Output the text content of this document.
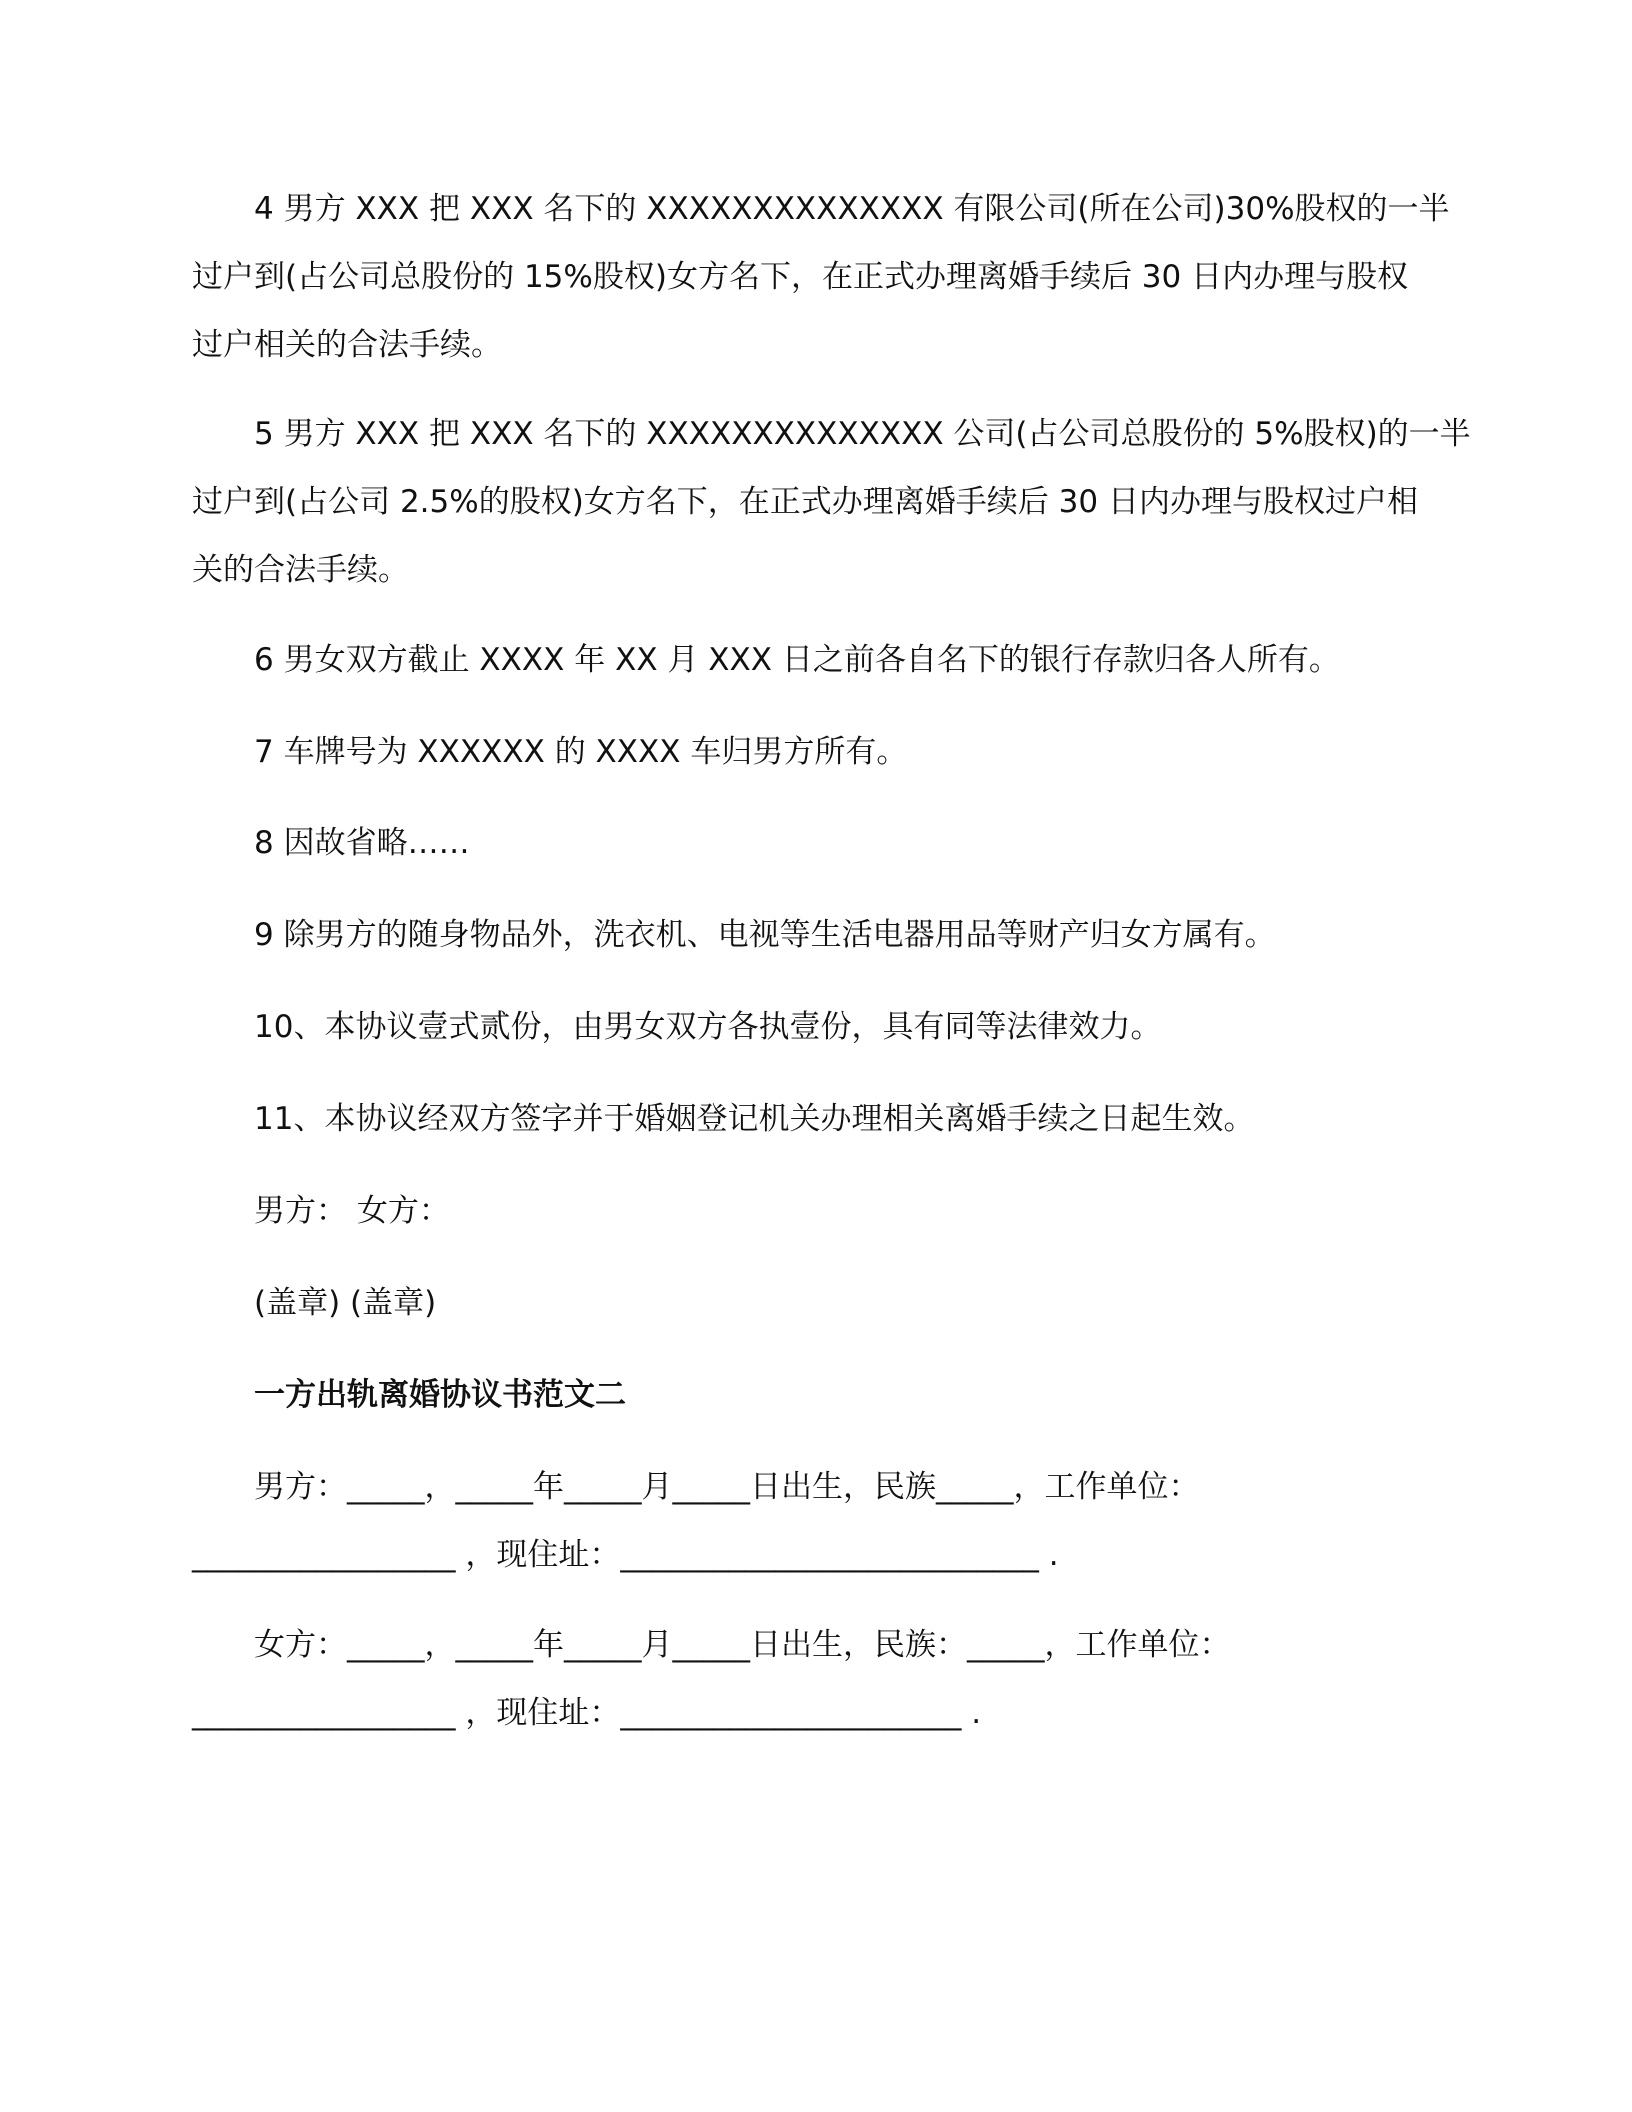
4 男方 XXX 把 XXX 名下的 XXXXXXXXXXXXXX 有限公司(所在公司)30%股权的一半
过户到(占公司总股份的 15%股权)女方名下，在正式办理离婚手续后 30 日内办理与股权
过户相关的合法手续。
5 男方 XXX 把 XXX 名下的 XXXXXXXXXXXXXX 公司(占公司总股份的 5%股权)的一半
过户到(占公司 2.5%的股权)女方名下，在正式办理离婚手续后 30 日内办理与股权过户相
关的合法手续。
6 男女双方截止 XXXX 年 XX 月 XXX 日之前各自名下的银行存款归各人所有。
7 车牌号为 XXXXXX 的 XXXX 车归男方所有。
8 因故省略……
9 除男方的随身物品外，洗衣机、电视等生活电器用品等财产归女方属有。
10、本协议壹式贰份，由男女双方各执壹份，具有同等法律效力。
11、本协议经双方签字并于婚姻登记机关办理相关离婚手续之日起生效。
男方： 女方：
(盖章) (盖章)
一方出轨离婚协议书范文二
男方：_____，_____年_____月_____日出生，民族_____，工作单位：
_________________ ，现住址：___________________________ .
女方：_____，_____年_____月_____日出生，民族：_____，工作单位：
_________________ ，现住址：______________________ .
